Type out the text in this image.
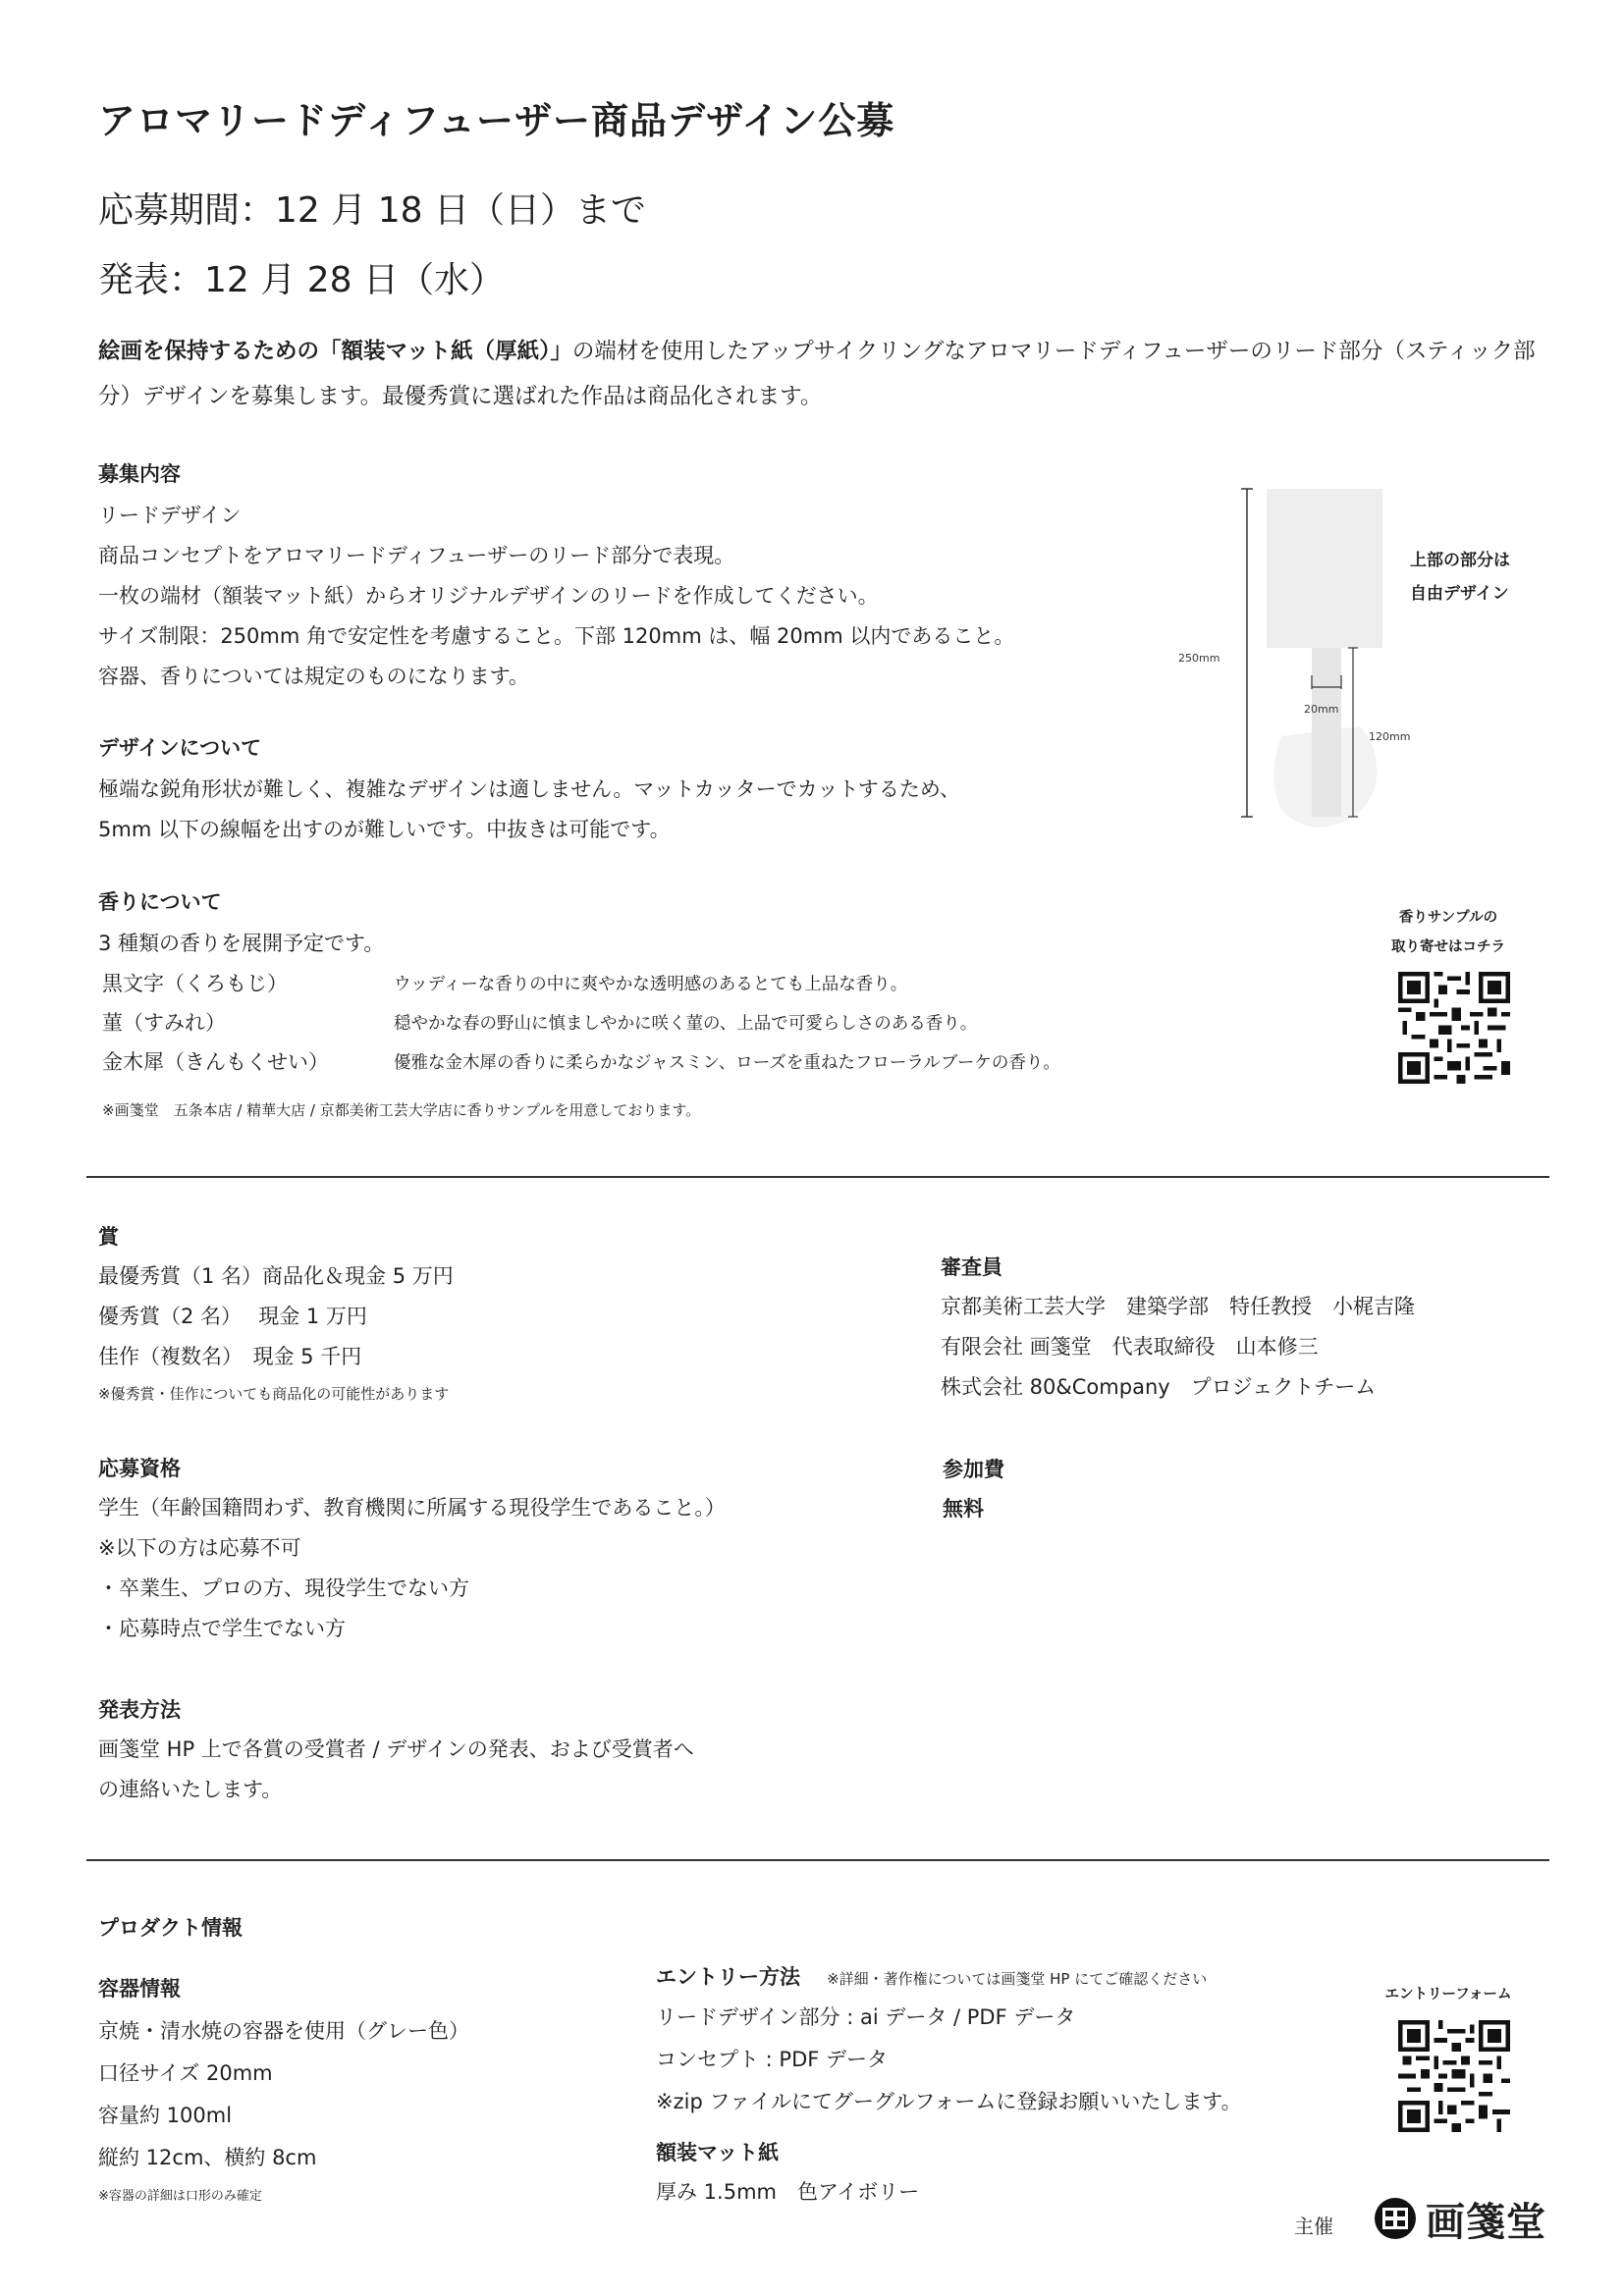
アロマリードディフューザー商品デザイン公募
応募期間：12 月 18 日（日）まで
発表：12 月 28 日（水）
絵画を保持するための「額装マット紙（厚紙）」の端材を使用したアップサイクリングなアロマリードディフューザーのリード部分（スティック部分）デザインを募集します。最優秀賞に選ばれた作品は商品化されます。
募集内容
リードデザイン
商品コンセプトをアロマリードディフューザーのリード部分で表現。
一枚の端材（額装マット紙）からオリジナルデザインのリードを作成してください。
サイズ制限：250mm 角で安定性を考慮すること。下部 120mm は、幅 20mm 以内であること。
容器、香りについては規定のものになります。
デザインについて
極端な鋭角形状が難しく、複雑なデザインは適しません。マットカッターでカットするため、
5mm 以下の線幅を出すのが難しいです。中抜きは可能です。
250mm
20mm
120mm
上部の部分は
自由デザイン
香りについて
3 種類の香りを展開予定です。
黒文字（くろもじ）	ウッディーな香りの中に爽やかな透明感のあるとても上品な香り。
菫（すみれ）	穏やかな春の野山に慎ましやかに咲く菫の、上品で可愛らしさのある香り。
金木犀（きんもくせい）	優雅な金木犀の香りに柔らかなジャスミン、ローズを重ねたフローラルブーケの香り。
※画箋堂　五条本店 / 精華大店 / 京都美術工芸大学店に香りサンプルを用意しております。
香りサンプルの
取り寄せはコチラ
賞
最優秀賞（1 名）商品化＆現金 5 万円
優秀賞（2 名）　 現金 1 万円
佳作（複数名）　現金 5 千円
※優秀賞・佳作についても商品化の可能性があります
審査員
京都美術工芸大学　建築学部　特任教授　小梶吉隆
有限会社 画箋堂　代表取締役　山本修三
株式会社 80&Company　プロジェクトチーム
応募資格
学生（年齢国籍問わず、教育機関に所属する現役学生であること。）
※以下の方は応募不可
・卒業生、プロの方、現役学生でない方
・応募時点で学生でない方
参加費
無料
発表方法
画箋堂 HP 上で各賞の受賞者 / デザインの発表、および受賞者へ
の連絡いたします。
プロダクト情報
容器情報
京焼・清水焼の容器を使用（グレー色）
口径サイズ 20mm
容量約 100ml
縦約 12cm、横約 8cm
※容器の詳細は口形のみ確定
エントリー方法 ※詳細・著作権については画箋堂 HP にてご確認ください
リードデザイン部分 : ai データ / PDF データ
コンセプト : PDF データ
※zip ファイルにてグーグルフォームに登録お願いいたします。
額装マット紙
厚み 1.5mm　色アイボリー
エントリーフォーム
主催 画箋堂
